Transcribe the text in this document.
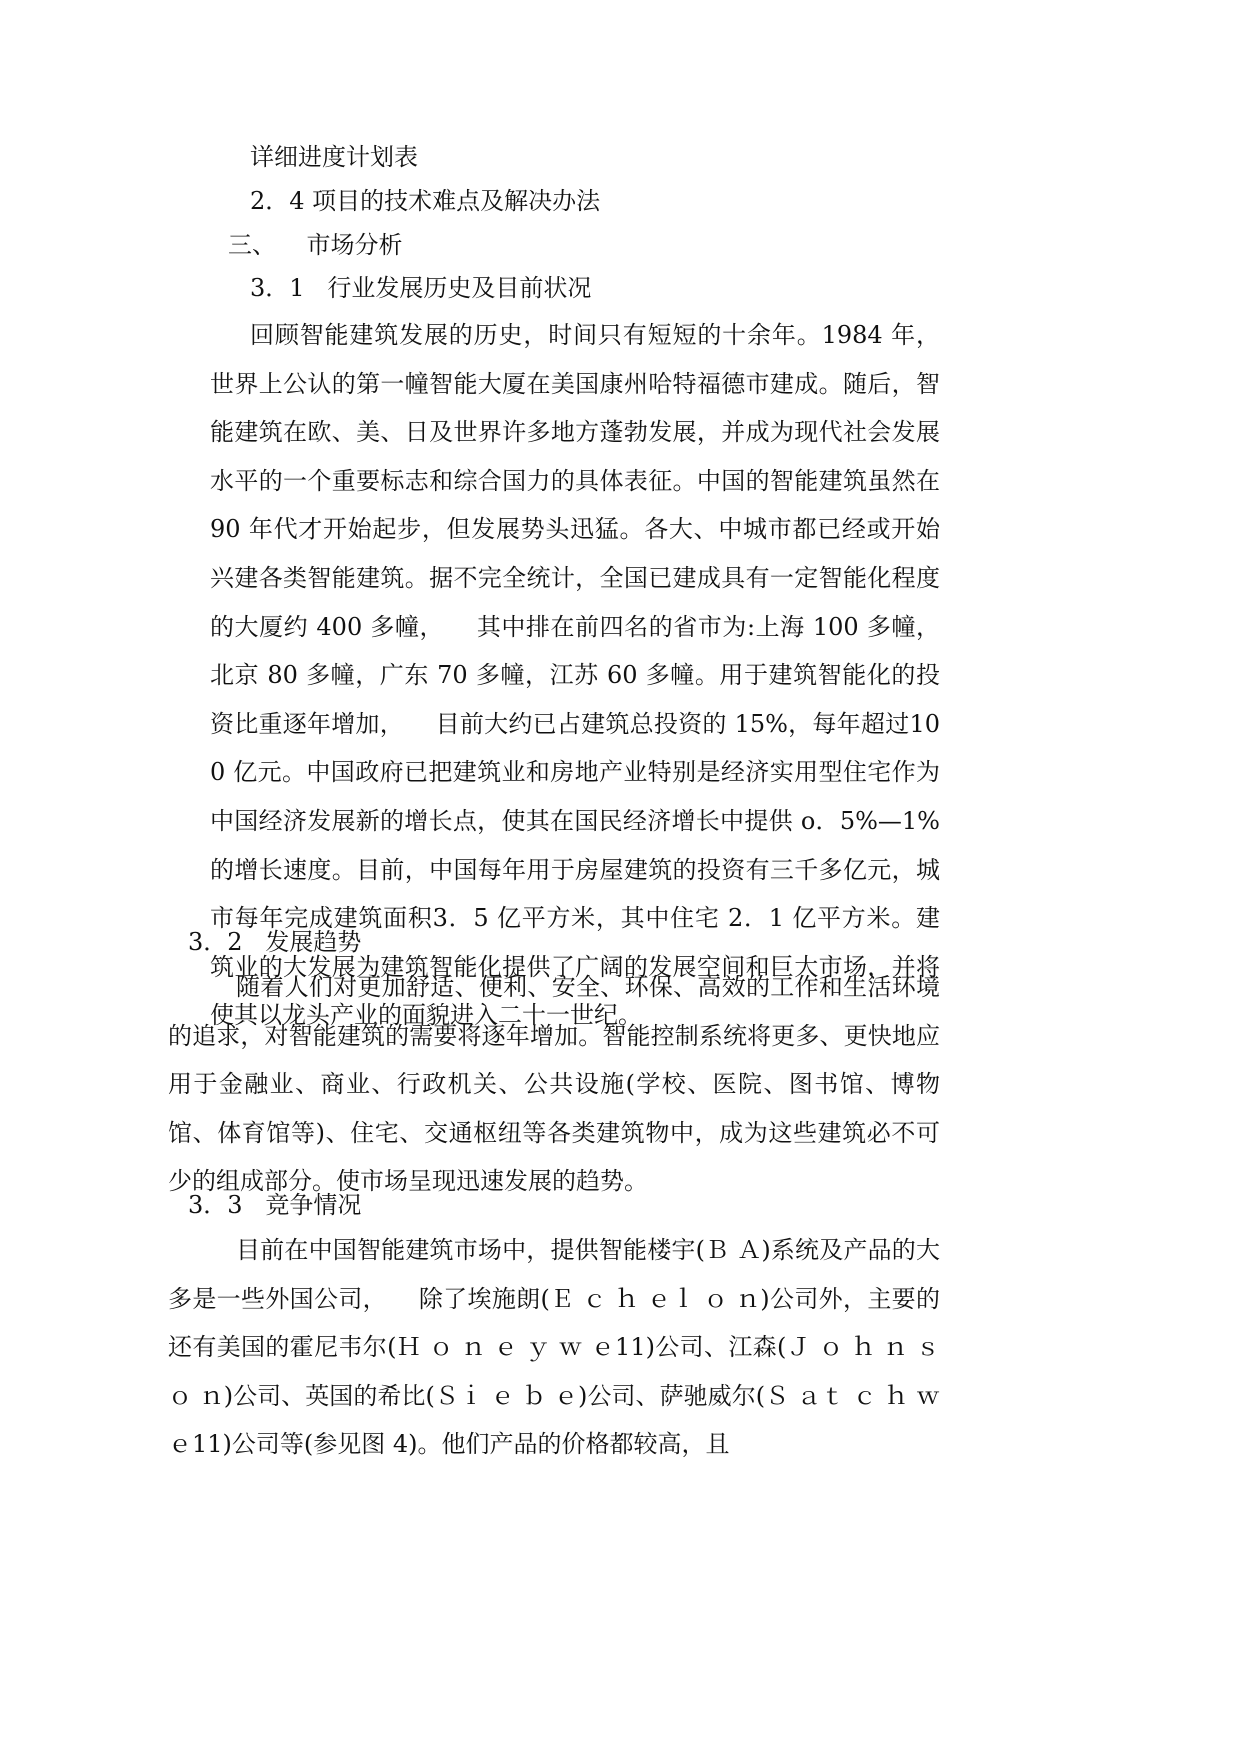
详细进度计划表

2．4 项目的技术难点及解决办法

三、    市场分析

3．1   行业发展历史及目前状况

回顾智能建筑发展的历史，时间只有短短的十余年。1984 年，世界上公认的第一幢智能大厦在美国康州哈特福德市建成。随后，智能建筑在欧、美、日及世界许多地方蓬勃发展，并成为现代社会发展水平的一个重要标志和综合国力的具体表征。中国的智能建筑虽然在 90 年代才开始起步，但发展势头迅猛。各大、中城市都已经或开始兴建各类智能建筑。据不完全统计，全国已建成具有一定智能化程度的大厦约 400 多幢，    其中排在前四名的省市为:上海 100 多幢，北京 80 多幢，广东 70 多幢，江苏 60 多幢。用于建筑智能化的投资比重逐年增加，    目前大约已占建筑总投资的 15%，每年超过100 亿元。中国政府已把建筑业和房地产业特别是经济实用型住宅作为中国经济发展新的增长点，使其在国民经济增长中提供 o．5%—1%的增长速度。目前，中国每年用于房屋建筑的投资有三千多亿元，城市每年完成建筑面积3．5 亿平方米，其中住宅 2．1 亿平方米。建筑业的大发展为建筑智能化提供了广阔的发展空间和巨大市场，并将使其以龙头产业的面貌进入二十一世纪。

3．2   发展趋势

随着人们对更加舒适、便利、安全、环保、高效的工作和生活环境的追求，对智能建筑的需要将逐年增加。智能控制系统将更多、更快地应用于金融业、商业、行政机关、公共设施(学校、医院、图书馆、博物馆、体育馆等)、住宅、交通枢纽等各类建筑物中，成为这些建筑必不可少的组成部分。使市场呈现迅速发展的趋势。

3．3   竞争情况

目前在中国智能建筑市场中，提供智能楼宇(Ｂ Ａ)系统及产品的大多是一些外国公司，    除了埃施朗(Ｅ ｃ ｈ ｅｌ ｏ ｎ)公司外，主要的还有美国的霍尼韦尔(Ｈ ｏ ｎ ｅ ｙ ｗ ｅ11)公司、江森(Ｊ ｏ ｈ ｎ ｓ ｏ ｎ)公司、英国的希比(Ｓｉ ｅ ｂ ｅ)公司、萨驰威尔(Ｓ ａｔ ｃ ｈ ｗ ｅ11)公司等(参见图 4)。他们产品的价格都较高，且
